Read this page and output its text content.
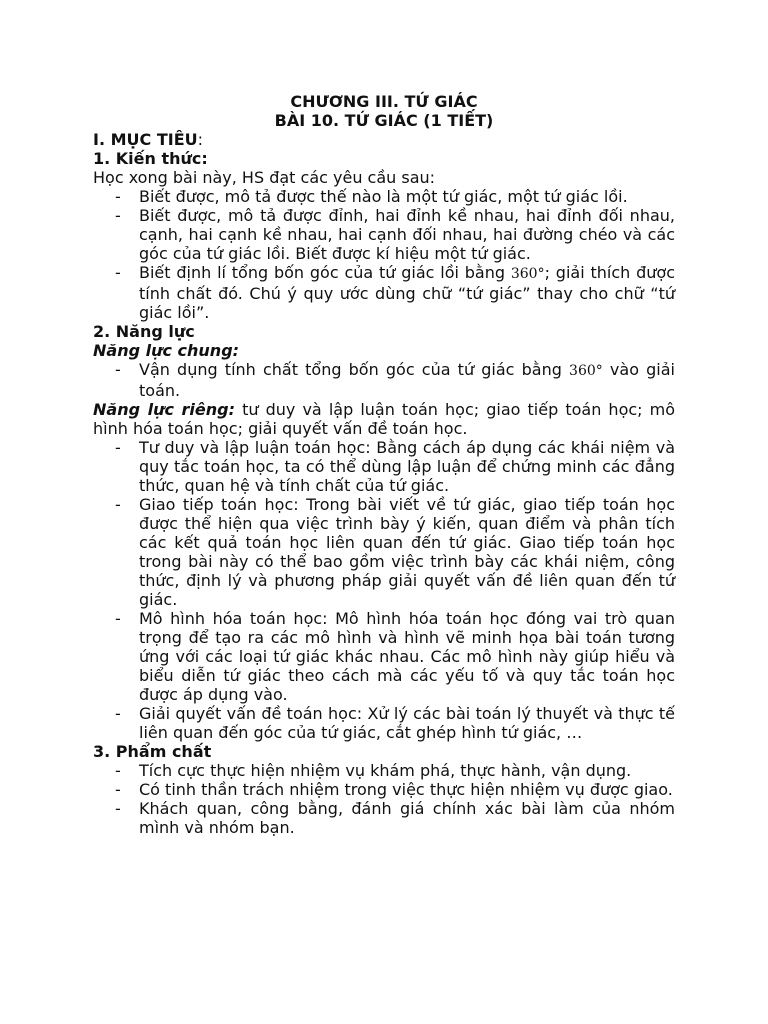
CHƯƠNG III. TỨ GIÁC
BÀI 10. TỨ GIÁC (1 TIẾT)
I. MỤC TIÊU:
1. Kiến thức:
Học xong bài này, HS đạt các yêu cầu sau:
- Biết được, mô tả được thế nào là một tứ giác, một tứ giác lồi.
- Biết được, mô tả được đỉnh, hai đỉnh kề nhau, hai đỉnh đối nhau, cạnh, hai cạnh kề nhau, hai cạnh đối nhau, hai đường chéo và các góc của tứ giác lồi. Biết được kí hiệu một tứ giác.
- Biết định lí tổng bốn góc của tứ giác lồi bằng 360°; giải thích được tính chất đó. Chú ý quy ước dùng chữ “tứ giác” thay cho chữ “tứ giác lồi”.
2. Năng lực
Năng lực chung:
- Vận dụng tính chất tổng bốn góc của tứ giác bằng 360° vào giải toán.
Năng lực riêng: tư duy và lập luận toán học; giao tiếp toán học; mô hình hóa toán học; giải quyết vấn đề toán học.
- Tư duy và lập luận toán học: Bằng cách áp dụng các khái niệm và quy tắc toán học, ta có thể dùng lập luận để chứng minh các đẳng thức, quan hệ và tính chất của tứ giác.
- Giao tiếp toán học: Trong bài viết về tứ giác, giao tiếp toán học được thể hiện qua việc trình bày ý kiến, quan điểm và phân tích các kết quả toán học liên quan đến tứ giác. Giao tiếp toán học trong bài này có thể bao gồm việc trình bày các khái niệm, công thức, định lý và phương pháp giải quyết vấn đề liên quan đến tứ giác.
- Mô hình hóa toán học: Mô hình hóa toán học đóng vai trò quan trọng để tạo ra các mô hình và hình vẽ minh họa bài toán tương ứng với các loại tứ giác khác nhau. Các mô hình này giúp hiểu và biểu diễn tứ giác theo cách mà các yếu tố và quy tắc toán học được áp dụng vào.
- Giải quyết vấn đề toán học: Xử lý các bài toán lý thuyết và thực tế liên quan đến góc của tứ giác, cắt ghép hình tứ giác, …
3. Phẩm chất
- Tích cực thực hiện nhiệm vụ khám phá, thực hành, vận dụng.
- Có tinh thần trách nhiệm trong việc thực hiện nhiệm vụ được giao.
- Khách quan, công bằng, đánh giá chính xác bài làm của nhóm mình và nhóm bạn.
